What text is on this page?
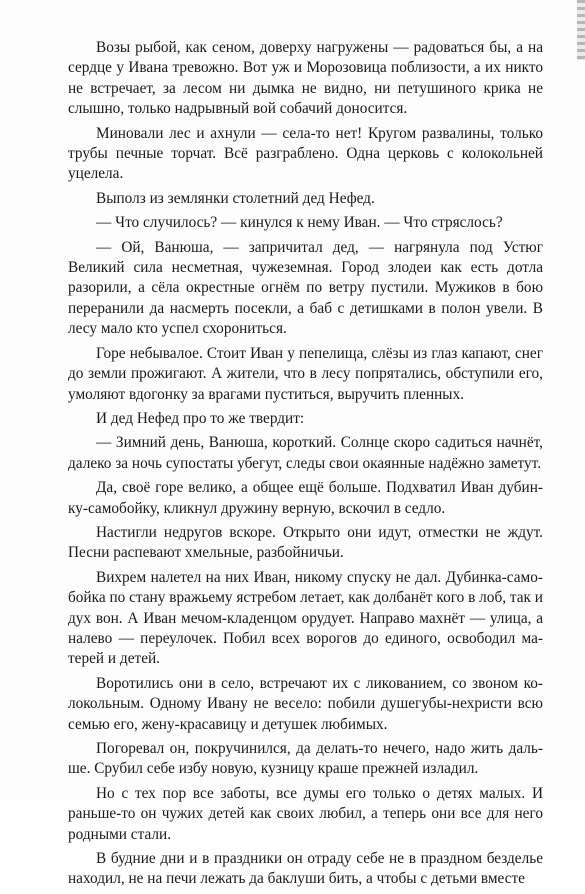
Возы рыбой, как сеном, доверху нагружены — радоваться бы, а на сердце у Ивана тревожно. Вот уж и Морозовица поблизости, а их никто не встречает, за лесом ни дымка не видно, ни петушиного крика не слышно, только надрывный вой собачий доносится.

Миновали лес и ахнули — села-то нет! Кругом развалины, только трубы печные торчат. Всё разграблено. Одна церковь с колокольней уцелела.

Выполз из землянки столетний дед Нефед.

— Что случилось? — кинулся к нему Иван. — Что стряслось?

— Ой, Ванюша, — запричитал дед, — нагрянула под Устюг Великий сила несметная, чужеземная. Город злодеи как есть дотла разорили, а сёла окрестные огнём по ветру пустили. Мужиков в бою переранили да насмерть посекли, а баб с детишками в полон увели. В лесу мало кто успел схорониться.

Горе небывалое. Стоит Иван у пепелища, слёзы из глаз капают, снег до земли прожигают. А жители, что в лесу попрятались, обступили его, умоляют вдогонку за врагами пуститься, выручить пленных.

И дед Нефед про то же твердит:

— Зимний день, Ванюша, короткий. Солнце скоро садиться начнёт, далеко за ночь супостаты убегут, следы свои окаянные надёжно заметут.

Да, своё горе велико, а общее ещё больше. Подхватил Иван дубинку-самобойку, кликнул дружину верную, вскочил в седло.

Настигли недругов вскоре. Открыто они идут, отместки не ждут. Песни распевают хмельные, разбойничьи.

Вихрем налетел на них Иван, никому спуску не дал. Дубинка-самобойка по стану вражьему ястребом летает, как долбанёт кого в лоб, так и дух вон. А Иван мечом-кладенцом орудует. Направо махнёт — улица, а налево — переулочек. Побил всех ворогов до единого, освободил матерей и детей.

Воротились они в село, встречают их с ликованием, со звоном колокольным. Одному Ивану не весело: побили душегубы-нехристи всю семью его, жену-красавицу и детушек любимых.

Погоревал он, покручинился, да делать-то нечего, надо жить дальше. Срубил себе избу новую, кузницу краше прежней изладил.

Но с тех пор все заботы, все думы его только о детях малых. И раньше-то он чужих детей как своих любил, а теперь они все для него родными стали.

В будние дни и в праздники он отраду себе не в праздном безделье находил, не на печи лежать да баклуши бить, а чтобы с детьми вместе
